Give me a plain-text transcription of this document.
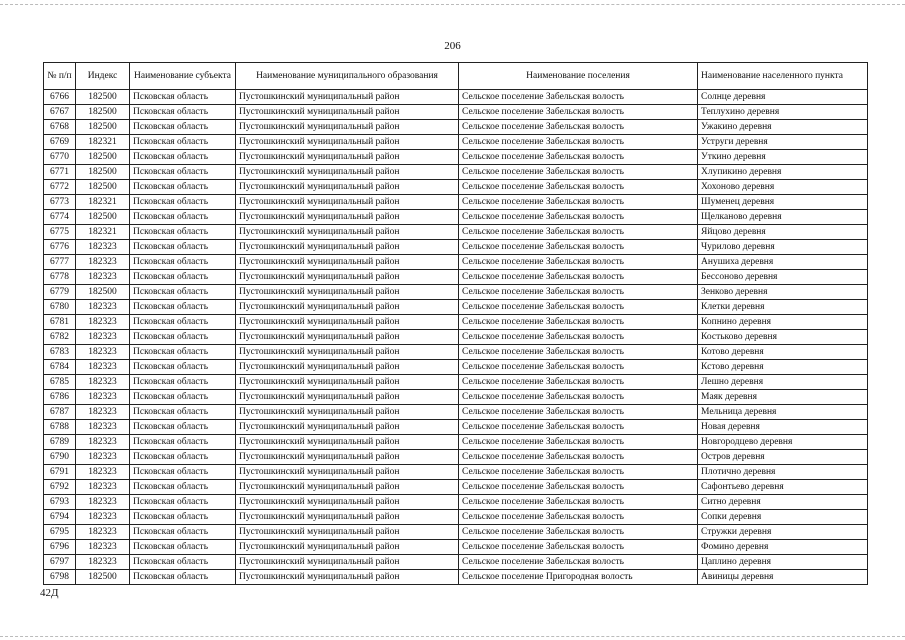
206
№ п/п	Индекс	Наименование субъекта	Наименование муниципального образования	Наименование поселения	Наименование населенного пункта
6766	182500	Псковская область	Пустошкинский муниципальный район	Сельское поселение Забельская волость	Солнце деревня
6767	182500	Псковская область	Пустошкинский муниципальный район	Сельское поселение Забельская волость	Теплухино деревня
6768	182500	Псковская область	Пустошкинский муниципальный район	Сельское поселение Забельская волость	Ужакино деревня
6769	182321	Псковская область	Пустошкинский муниципальный район	Сельское поселение Забельская волость	Уструги деревня
6770	182500	Псковская область	Пустошкинский муниципальный район	Сельское поселение Забельская волость	Уткино деревня
6771	182500	Псковская область	Пустошкинский муниципальный район	Сельское поселение Забельская волость	Хлупикино деревня
6772	182500	Псковская область	Пустошкинский муниципальный район	Сельское поселение Забельская волость	Хохоново деревня
6773	182321	Псковская область	Пустошкинский муниципальный район	Сельское поселение Забельская волость	Шуменец деревня
6774	182500	Псковская область	Пустошкинский муниципальный район	Сельское поселение Забельская волость	Щелканово деревня
6775	182321	Псковская область	Пустошкинский муниципальный район	Сельское поселение Забельская волость	Яйцово деревня
6776	182323	Псковская область	Пустошкинский муниципальный район	Сельское поселение Забельская волость	Чурилово деревня
6777	182323	Псковская область	Пустошкинский муниципальный район	Сельское поселение Забельская волость	Анушиха деревня
6778	182323	Псковская область	Пустошкинский муниципальный район	Сельское поселение Забельская волость	Бессоново деревня
6779	182500	Псковская область	Пустошкинский муниципальный район	Сельское поселение Забельская волость	Зенково деревня
6780	182323	Псковская область	Пустошкинский муниципальный район	Сельское поселение Забельская волость	Клетки деревня
6781	182323	Псковская область	Пустошкинский муниципальный район	Сельское поселение Забельская волость	Копнино деревня
6782	182323	Псковская область	Пустошкинский муниципальный район	Сельское поселение Забельская волость	Костьково деревня
6783	182323	Псковская область	Пустошкинский муниципальный район	Сельское поселение Забельская волость	Котово деревня
6784	182323	Псковская область	Пустошкинский муниципальный район	Сельское поселение Забельская волость	Кстово деревня
6785	182323	Псковская область	Пустошкинский муниципальный район	Сельское поселение Забельская волость	Лешно деревня
6786	182323	Псковская область	Пустошкинский муниципальный район	Сельское поселение Забельская волость	Маяк деревня
6787	182323	Псковская область	Пустошкинский муниципальный район	Сельское поселение Забельская волость	Мельница деревня
6788	182323	Псковская область	Пустошкинский муниципальный район	Сельское поселение Забельская волость	Новая деревня
6789	182323	Псковская область	Пустошкинский муниципальный район	Сельское поселение Забельская волость	Новгородцево деревня
6790	182323	Псковская область	Пустошкинский муниципальный район	Сельское поселение Забельская волость	Остров деревня
6791	182323	Псковская область	Пустошкинский муниципальный район	Сельское поселение Забельская волость	Плотично деревня
6792	182323	Псковская область	Пустошкинский муниципальный район	Сельское поселение Забельская волость	Сафонтьево деревня
6793	182323	Псковская область	Пустошкинский муниципальный район	Сельское поселение Забельская волость	Ситно деревня
6794	182323	Псковская область	Пустошкинский муниципальный район	Сельское поселение Забельская волость	Сопки деревня
6795	182323	Псковская область	Пустошкинский муниципальный район	Сельское поселение Забельская волость	Стружки деревня
6796	182323	Псковская область	Пустошкинский муниципальный район	Сельское поселение Забельская волость	Фомино деревня
6797	182323	Псковская область	Пустошкинский муниципальный район	Сельское поселение Забельская волость	Цаплино деревня
6798	182500	Псковская область	Пустошкинский муниципальный район	Сельское поселение Пригородная волость	Авиницы деревня
42Д
